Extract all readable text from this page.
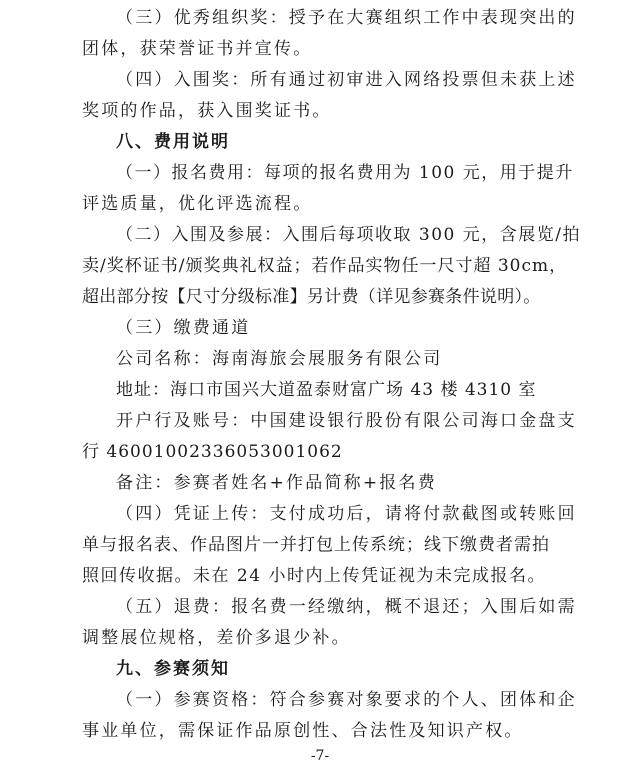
（三）优秀组织奖：授予在大赛组织工作中表现突出的
团体，获荣誉证书并宣传。
（四）入围奖：所有通过初审进入网络投票但未获上述
奖项的作品，获入围奖证书。
八、费用说明
（一）报名费用：每项的报名费用为 100 元，用于提升
评选质量，优化评选流程。
（二）入围及参展：入围后每项收取 300 元，含展览/拍
卖/奖杯证书/颁奖典礼权益；若作品实物任一尺寸超 30cm，
超出部分按【尺寸分级标准】另计费（详见参赛条件说明）。
（三）缴费通道
公司名称：海南海旅会展服务有限公司
地址：海口市国兴大道盈泰财富广场 43 楼 4310 室
开户行及账号：中国建设银行股份有限公司海口金盘支
行 46001002336053001062
备注：参赛者姓名+作品简称+报名费
（四）凭证上传：支付成功后，请将付款截图或转账回
单与报名表、作品图片一并打包上传系统；线下缴费者需拍
照回传收据。未在 24 小时内上传凭证视为未完成报名。
（五）退费：报名费一经缴纳，概不退还；入围后如需
调整展位规格，差价多退少补。
九、参赛须知
（一）参赛资格：符合参赛对象要求的个人、团体和企
事业单位，需保证作品原创性、合法性及知识产权。
-7-
